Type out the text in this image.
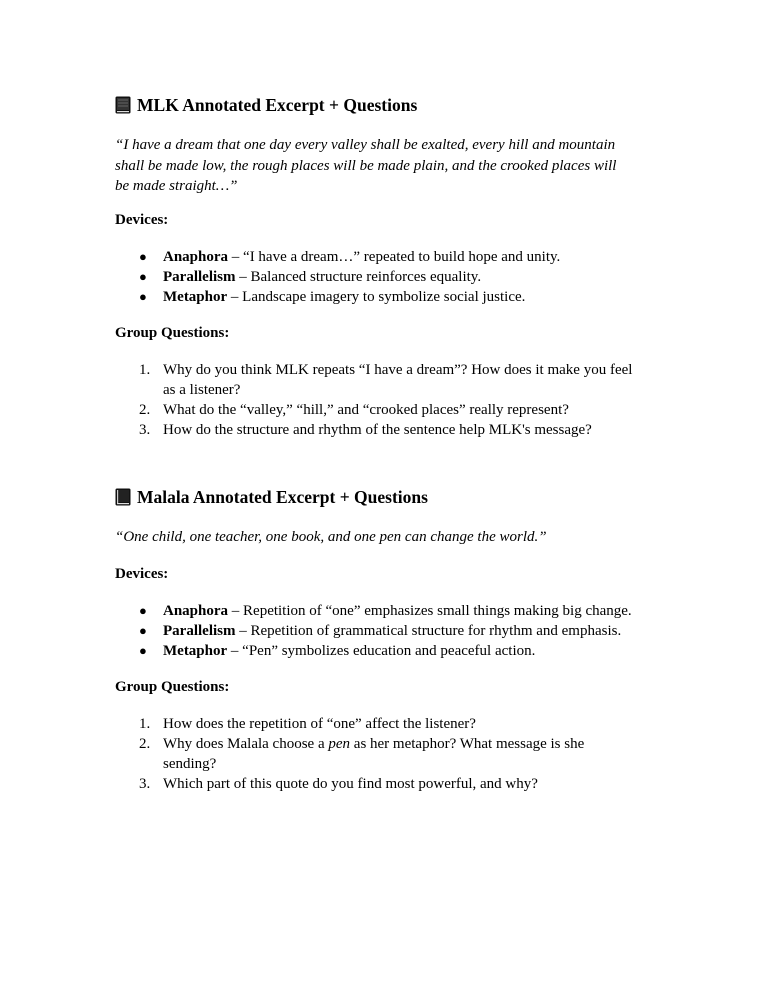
MLK Annotated Excerpt + Questions

“I have a dream that one day every valley shall be exalted, every hill and mountain
shall be made low, the rough places will be made plain, and the crooked places will
be made straight…”

Devices:

● Anaphora – “I have a dream…” repeated to build hope and unity.
● Parallelism – Balanced structure reinforces equality.
● Metaphor – Landscape imagery to symbolize social justice.

Group Questions:

1. Why do you think MLK repeats “I have a dream”? How does it make you feel
as a listener?
2. What do the “valley,” “hill,” and “crooked places” really represent?
3. How do the structure and rhythm of the sentence help MLK's message?
Malala Annotated Excerpt + Questions

“One child, one teacher, one book, and one pen can change the world.”

Devices:

● Anaphora – Repetition of “one” emphasizes small things making big change.
● Parallelism – Repetition of grammatical structure for rhythm and emphasis.
● Metaphor – “Pen” symbolizes education and peaceful action.

Group Questions:

1. How does the repetition of “one” affect the listener?
2. Why does Malala choose a pen as her metaphor? What message is she
sending?
3. Which part of this quote do you find most powerful, and why?
